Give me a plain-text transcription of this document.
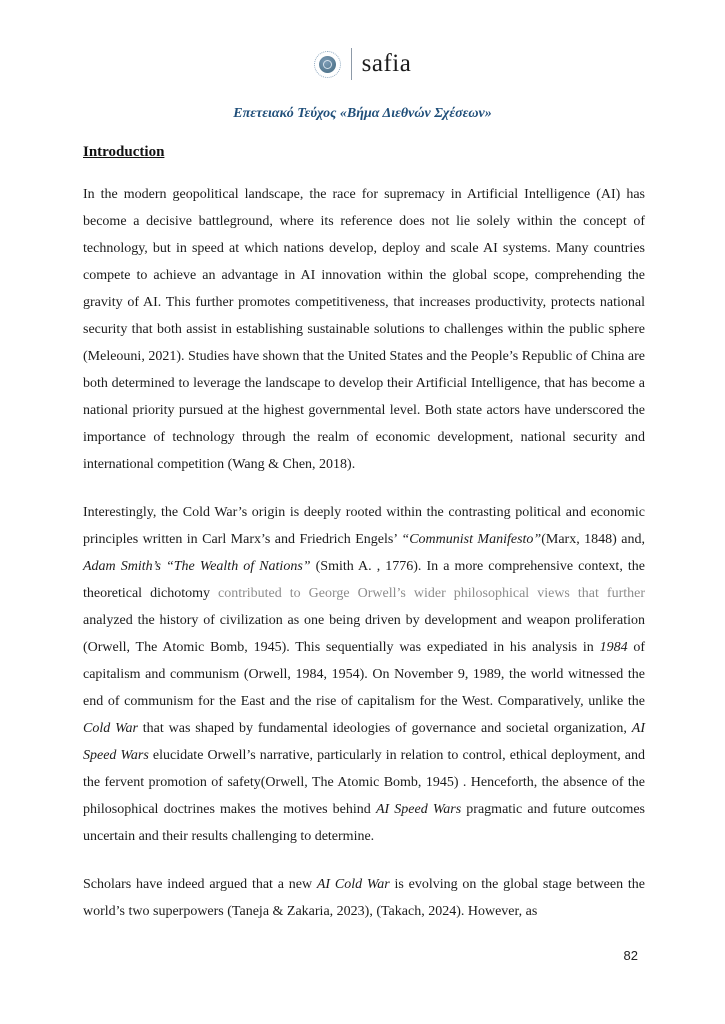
safia
Επετειακό Τεύχος «Βήμα Διεθνών Σχέσεων»
Introduction

In the modern geopolitical landscape, the race for supremacy in Artificial Intelligence (AI) has become a decisive battleground, where its reference does not lie solely within the concept of technology, but in speed at which nations develop, deploy and scale AI systems. Many countries compete to achieve an advantage in AI innovation within the global scope, comprehending the gravity of AI. This further promotes competitiveness, that increases productivity, protects national security that both assist in establishing sustainable solutions to challenges within the public sphere (Meleouni, 2021). Studies have shown that the United States and the People’s Republic of China are both determined to leverage the landscape to develop their Artificial Intelligence, that has become a national priority pursued at the highest governmental level. Both state actors have underscored the importance of technology through the realm of economic development, national security and international competition (Wang & Chen, 2018).

Interestingly, the Cold War’s origin is deeply rooted within the contrasting political and economic principles written in Carl Marx’s and Friedrich Engels’ “Communist Manifesto”(Marx, 1848) and, Adam Smith’s “The Wealth of Nations” (Smith A. , 1776). In a more comprehensive context, the theoretical dichotomy contributed to George Orwell’s wider philosophical views that further analyzed the history of civilization as one being driven by development and weapon proliferation (Orwell, The Atomic Bomb, 1945). This sequentially was expediated in his analysis in 1984 of capitalism and communism (Orwell, 1984, 1954). On November 9, 1989, the world witnessed the end of communism for the East and the rise of capitalism for the West. Comparatively, unlike the Cold War that was shaped by fundamental ideologies of governance and societal organization, AI Speed Wars elucidate Orwell’s narrative, particularly in relation to control, ethical deployment, and the fervent promotion of safety(Orwell, The Atomic Bomb, 1945) . Henceforth, the absence of the philosophical doctrines makes the motives behind AI Speed Wars pragmatic and future outcomes uncertain and their results challenging to determine.

Scholars have indeed argued that a new AI Cold War is evolving on the global stage between the world’s two superpowers (Taneja & Zakaria, 2023), (Takach, 2024). However, as

82
